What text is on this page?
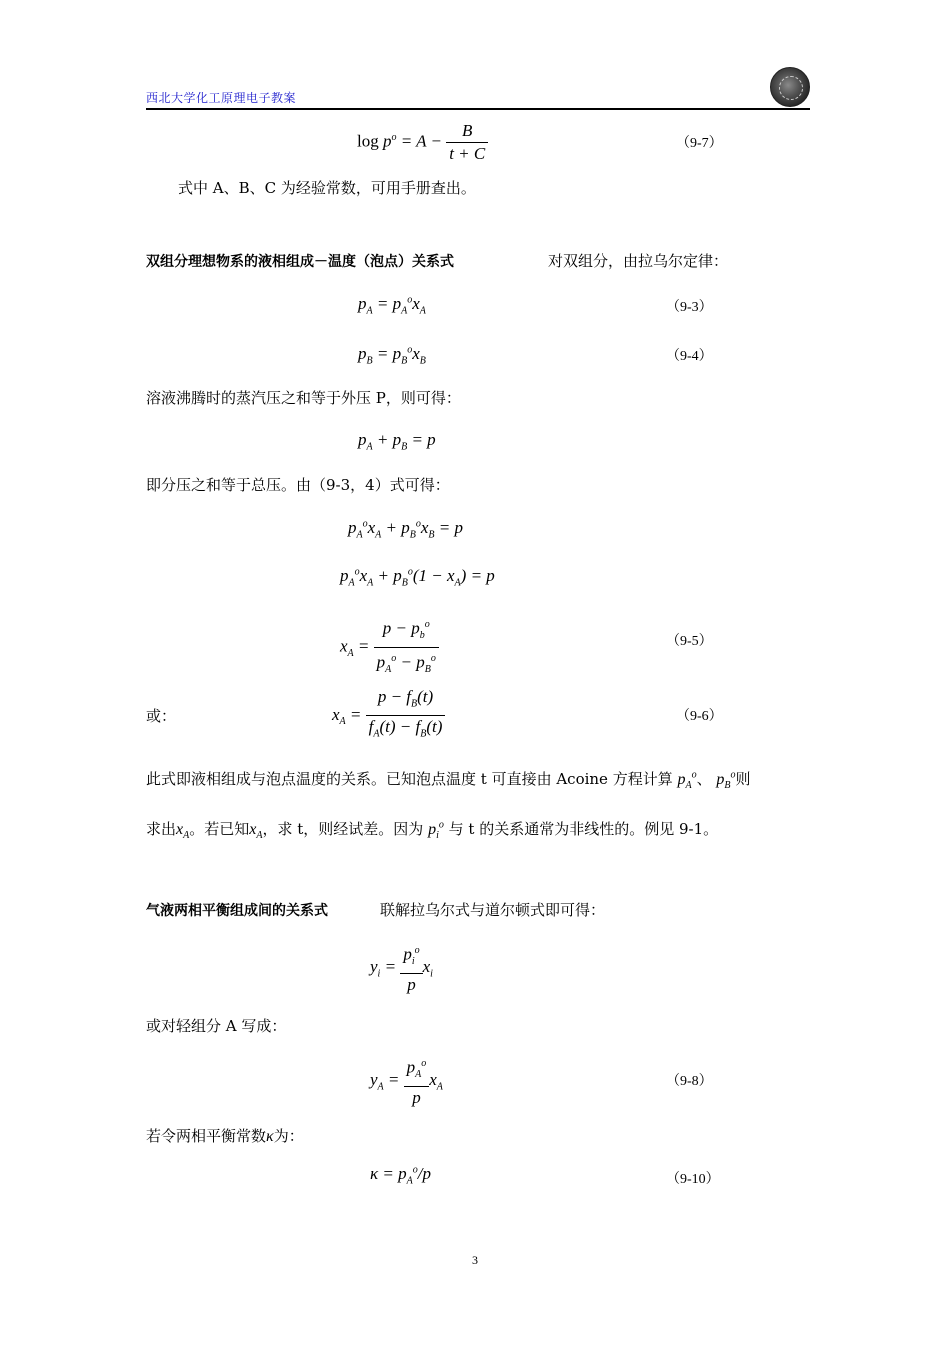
西北大学化工原理电子教案
$\log p^o = A - \frac{B}{t + C}$	（9-7）
式中 A、B、C 为经验常数，可用手册查出。
双组分理想物系的液相组成－温度（泡点）关系式	对双组分，由拉乌尔定律：
$p_A = p_A^ox_A$	（9-3）
$p_B = p_B^ox_B$	（9-4）
溶液沸腾时的蒸汽压之和等于外压 P，则可得：
$p_A + p_B = p$
即分压之和等于总压。由（9-3，4）式可得：
$p_A^ox_A + p_B^ox_B = p$
$p_A^ox_A + p_B^o(1 - x_A) = p$
$x_A = \frac{p - p_b^o}{p_A^o - p_B^o}$	（9-5）
或：	$x_A = \frac{p - f_B(t)}{f_A(t) - f_B(t)}$	（9-6）
此式即液相组成与泡点温度的关系。已知泡点温度 t 可直接由 Acoine 方程计算 $p_A^o$、 $p_B^o$则
求出$x_A$。若已知$x_A$，求 t，则经试差。因为 $p_i^o$ 与 t 的关系通常为非线性的。例见 9-1。
气液两相平衡组成间的关系式	联解拉乌尔式与道尔顿式即可得：
$y_i = \frac{p_i^o}{p} x_i$
或对轻组分 A 写成：
$y_A = \frac{p_A^o}{p} x_A$	（9-8）
若令两相平衡常数κ为：
$\kappa = p_A^o/p$	（9-10）
3
